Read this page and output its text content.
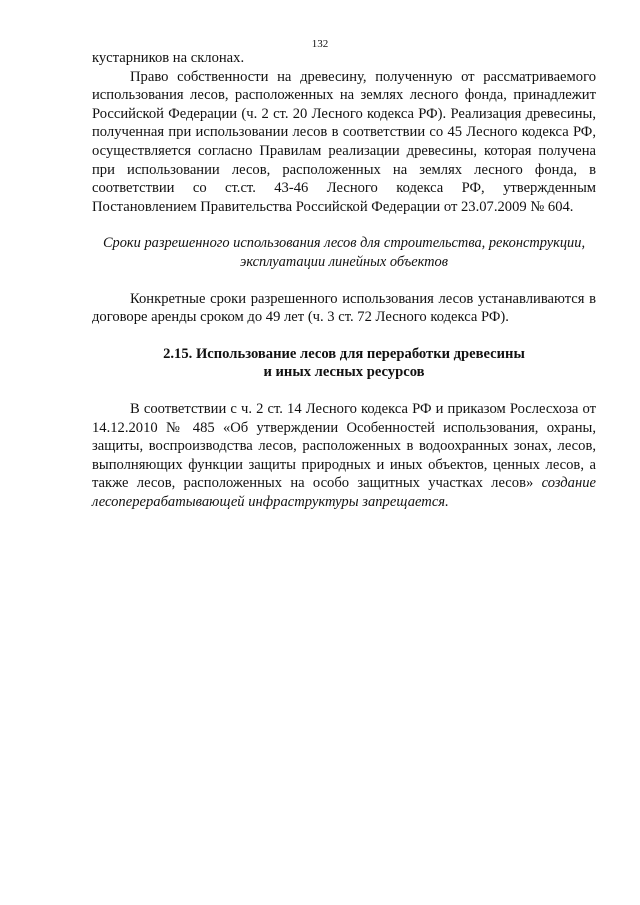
132

кустарников на склонах.

Право собственности на древесину, полученную от рассматриваемого использования лесов, расположенных на землях лесного фонда, принадлежит Российской Федерации (ч. 2 ст. 20 Лесного кодекса РФ). Реализация древесины, полученная при использовании лесов в соответствии со 45 Лесного кодекса РФ, осуществляется согласно Правилам реализации древесины, которая получена при использовании лесов, расположенных на землях лесного фонда, в соответствии со ст.ст. 43-46 Лесного кодекса РФ, утвержденным Постановлением Правительства Российской Федерации от 23.07.2009 № 604.

Сроки разрешенного использования лесов для строительства, реконструкции, эксплуатации линейных объектов

Конкретные сроки разрешенного использования лесов устанавливаются в договоре аренды сроком до 49 лет (ч. 3 ст. 72 Лесного кодекса РФ).

2.15. Использование лесов для переработки древесины
и иных лесных ресурсов

В соответствии с ч. 2 ст. 14 Лесного кодекса РФ и приказом Рослесхоза от 14.12.2010 № 485 «Об утверждении Особенностей использования, охраны, защиты, воспроизводства лесов, расположенных в водоохранных зонах, лесов, выполняющих функции защиты природных и иных объектов, ценных лесов, а также лесов, расположенных на особо защитных участках лесов» создание лесоперерабатывающей инфраструктуры запрещается.
